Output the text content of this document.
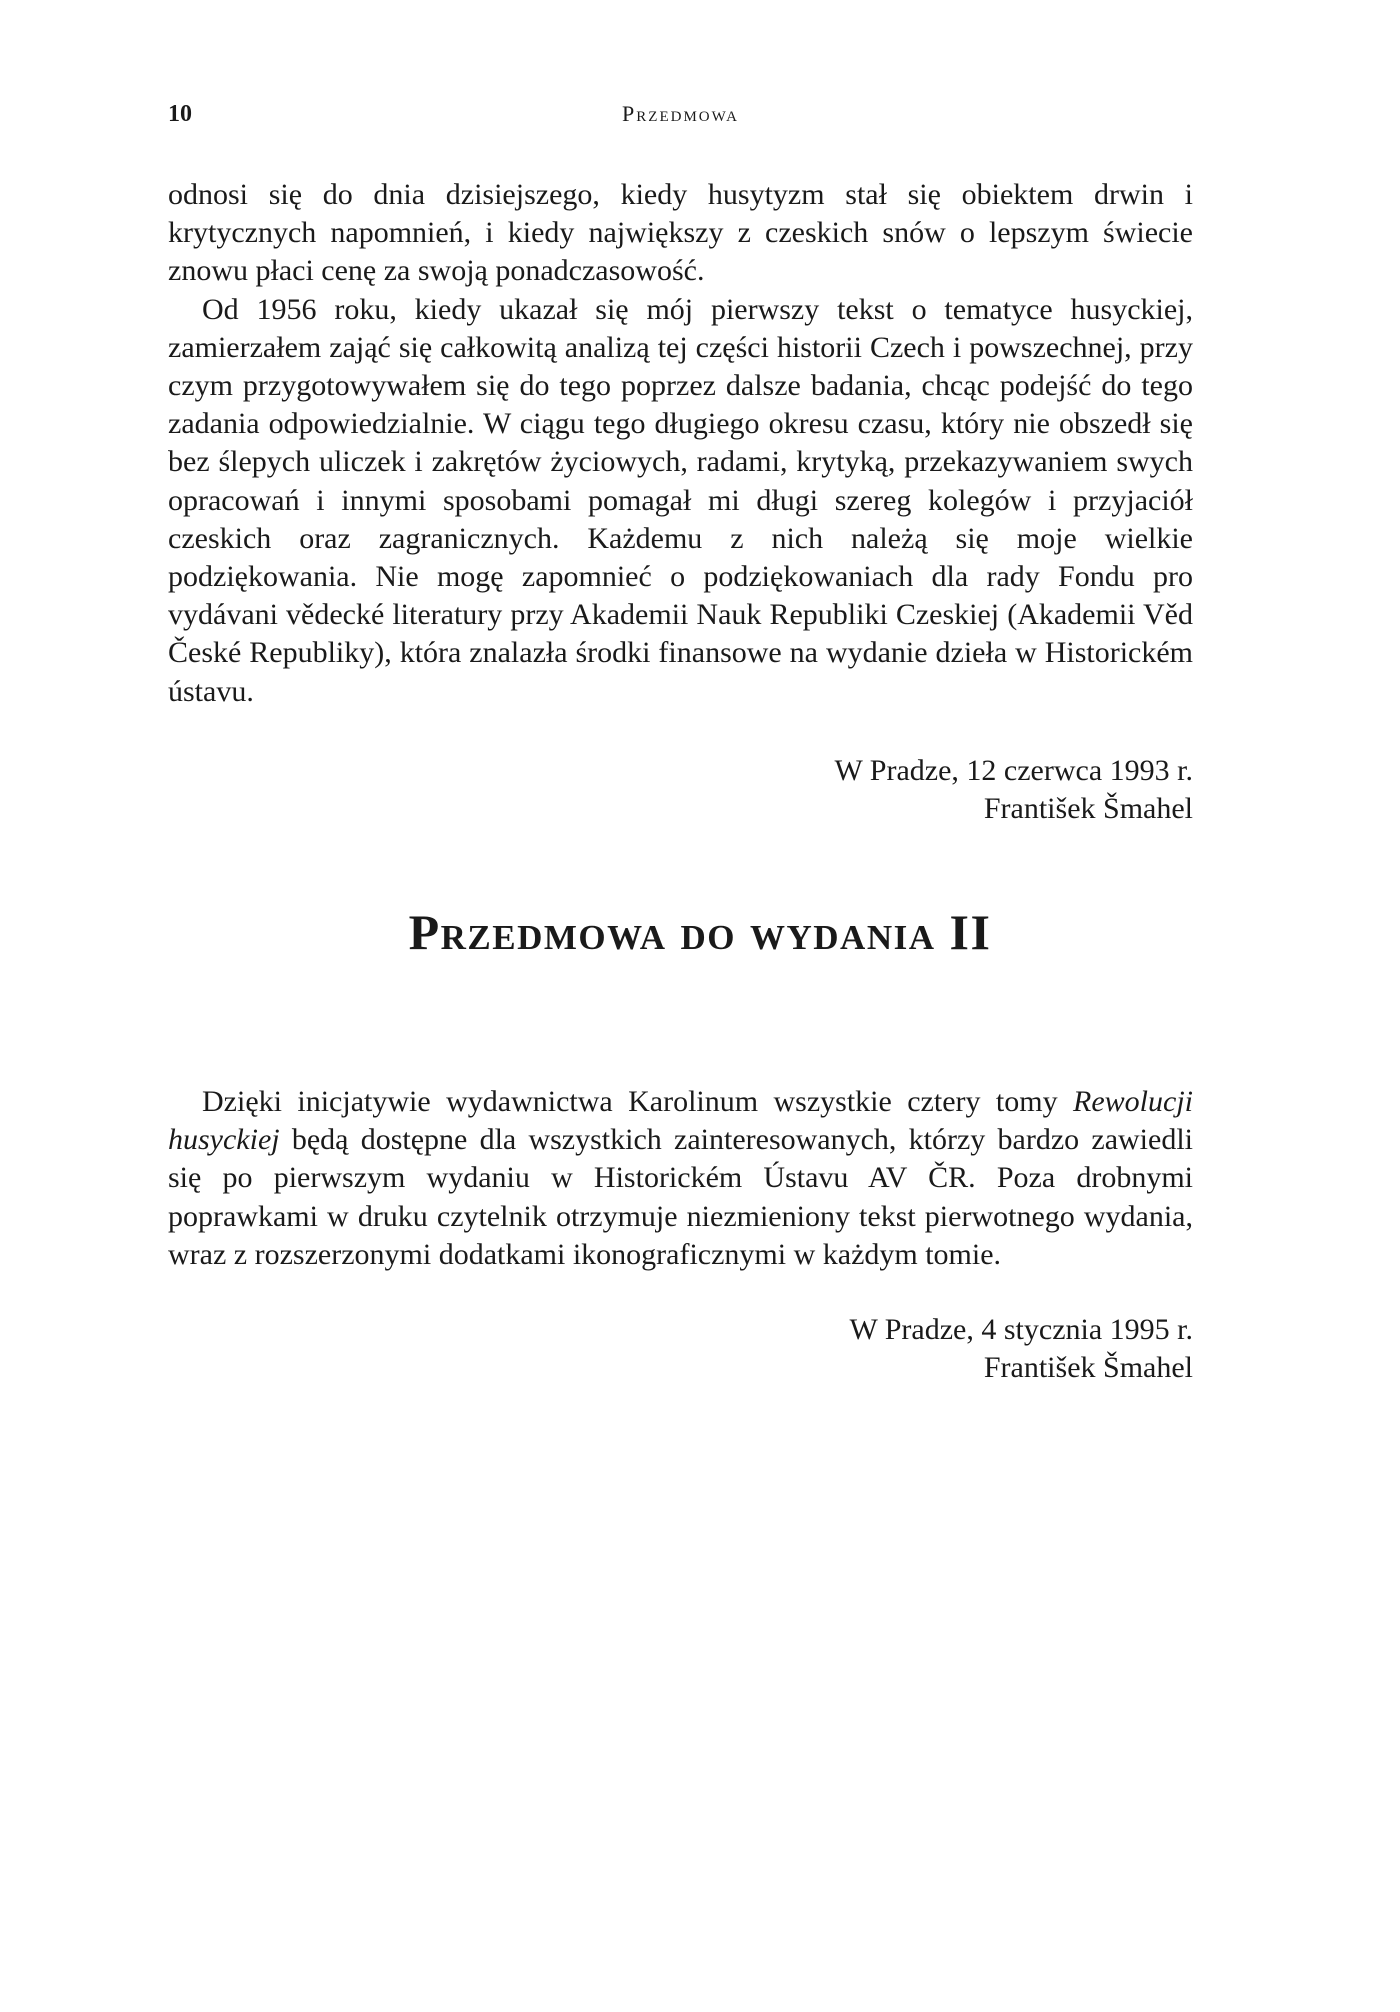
10	Przedmowa

odnosi się do dnia dzisiejszego, kiedy husytyzm stał się obiektem drwin i krytycznych napomnień, i kiedy największy z czeskich snów o lepszym świecie znowu płaci cenę za swoją ponadczasowość.

Od 1956 roku, kiedy ukazał się mój pierwszy tekst o tematyce husyckiej, zamierzałem zająć się całkowitą analizą tej części historii Czech i powszechnej, przy czym przygotowywałem się do tego poprzez dalsze badania, chcąc podejść do tego zadania odpowiedzialnie. W ciągu tego długiego okresu czasu, który nie obszedł się bez ślepych uliczek i zakrętów życiowych, radami, krytyką, przekazywaniem swych opracowań i innymi sposobami pomagał mi długi szereg kolegów i przyjaciół czeskich oraz zagranicznych. Każdemu z nich należą się moje wielkie podziękowania. Nie mogę zapomnieć o podziękowaniach dla rady Fondu pro vydávani vědecké literatury przy Akademii Nauk Republiki Czeskiej (Akademii Věd České Republiky), która znalazła środki finansowe na wydanie dzieła w Historickém ústavu.

W Pradze, 12 czerwca 1993 r.
František Šmahel
Przedmowa do wydania II

Dzięki inicjatywie wydawnictwa Karolinum wszystkie cztery tomy Rewolucji husyckiej będą dostępne dla wszystkich zainteresowanych, którzy bardzo zawiedli się po pierwszym wydaniu w Historickém Ústavu AV ČR. Poza drobnymi poprawkami w druku czytelnik otrzymuje niezmieniony tekst pierwotnego wydania, wraz z rozszerzonymi dodatkami ikonograficznymi w każdym tomie.

W Pradze, 4 stycznia 1995 r.
František Šmahel
